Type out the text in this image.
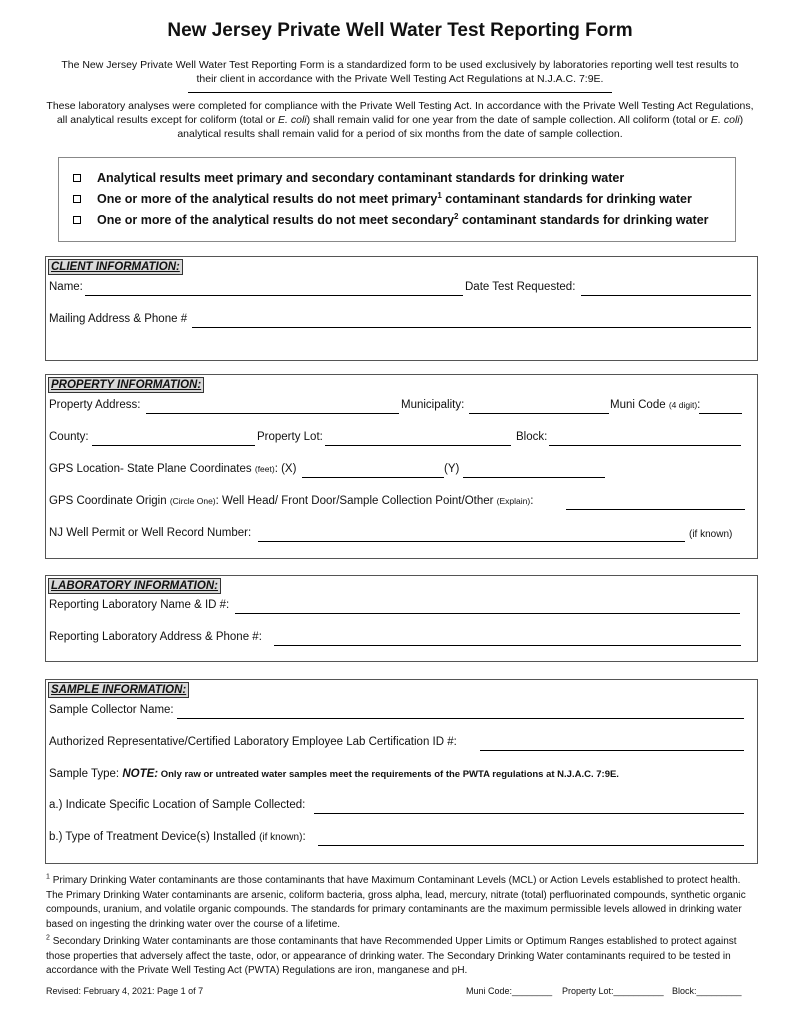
New Jersey Private Well Water Test Reporting Form
The New Jersey Private Well Water Test Reporting Form is a standardized form to be used exclusively by laboratories reporting well test results to their client in accordance with the Private Well Testing Act Regulations at N.J.A.C. 7:9E.
These laboratory analyses were completed for compliance with the Private Well Testing Act. In accordance with the Private Well Testing Act Regulations, all analytical results except for coliform (total or E. coli) shall remain valid for one year from the date of sample collection. All coliform (total or E. coli) analytical results shall remain valid for a period of six months from the date of sample collection.
Analytical results meet primary and secondary contaminant standards for drinking water
One or more of the analytical results do not meet primary$^1$ contaminant standards for drinking water
One or more of the analytical results do not meet secondary$^2$ contaminant standards for drinking water
CLIENT INFORMATION:
Name:	Date Test Requested:
Mailing Address & Phone #
PROPERTY INFORMATION:
Property Address:	Municipality:	Muni Code (4 digit):
County:	Property Lot:	Block:
GPS Location- State Plane Coordinates (feet): (X)	(Y)
GPS Coordinate Origin (Circle One): Well Head/ Front Door/Sample Collection Point/Other (Explain):
NJ Well Permit or Well Record Number:	(if known)
LABORATORY INFORMATION:
Reporting Laboratory Name & ID #:
Reporting Laboratory Address & Phone #:
SAMPLE INFORMATION:
Sample Collector Name:
Authorized Representative/Certified Laboratory Employee Lab Certification ID #:
Sample Type: NOTE: Only raw or untreated water samples meet the requirements of the PWTA regulations at N.J.A.C. 7:9E.
a.) Indicate Specific Location of Sample Collected:
b.) Type of Treatment Device(s) Installed (if known):
$^1$ Primary Drinking Water contaminants are those contaminants that have Maximum Contaminant Levels (MCL) or Action Levels established to protect health. The Primary Drinking Water contaminants are arsenic, coliform bacteria, gross alpha, lead, mercury, nitrate (total) perfluorinated compounds, synthetic organic compounds, uranium, and volatile organic compounds. The standards for primary contaminants are the maximum permissible levels allowed in drinking water based on ingesting the drinking water over the course of a lifetime.
$^2$ Secondary Drinking Water contaminants are those contaminants that have Recommended Upper Limits or Optimum Ranges established to protect against those properties that adversely affect the taste, odor, or appearance of drinking water. The Secondary Drinking Water contaminants required to be tested in accordance with the Private Well Testing Act (PWTA) Regulations are iron, manganese and pH.
Revised: February 4, 2021: Page 1 of 7	Muni Code:________ Property Lot:__________ Block:_________
